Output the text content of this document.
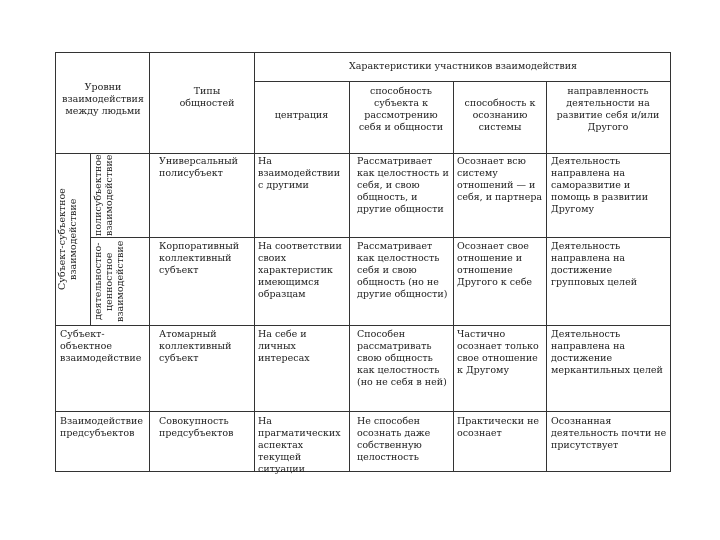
Уровни взаимодействия между людьми
Типы общностей
Характеристики участников взаимодействия
центрация
способность субъекта к рассмотрению себя и общности
способность к осознанию системы
направленность деятельности на развитие себя и/или Другого
Субъект-субъектное взаимодействие
полисубъектное взаимодействие
деятельностно-ценностное взаимодействие
Универсальный полисубъект
На взаимодействии с другими
Рассматривает как целостность и себя, и свою общность, и другие общности
Осознает всю систему отношений — и себя, и партнера
Деятельность направлена на саморазвитие и помощь в развитии Другому
Корпоративный коллективный субъект
На соответствии своих характеристик имеющимся образцам
Рассматривает как целостность себя и свою общность (но не другие общности)
Осознает свое отношение и отношение Другого к себе
Деятельность направлена на достижение групповых целей
Субъект-объектное взаимодействие
Атомарный коллективный субъект
На себе и личных интересах
Способен рассматривать свою общность как целостность (но не себя в ней)
Частично осознает только свое отношение к Другому
Деятельность направлена на достижение меркантильных целей
Взаимодействие предсубъектов
Совокупность предсубъектов
На прагматических аспектах текущей ситуации
Не способен осознать даже собственную целостность
Практически не осознает
Осознанная деятельность почти не присутствует
